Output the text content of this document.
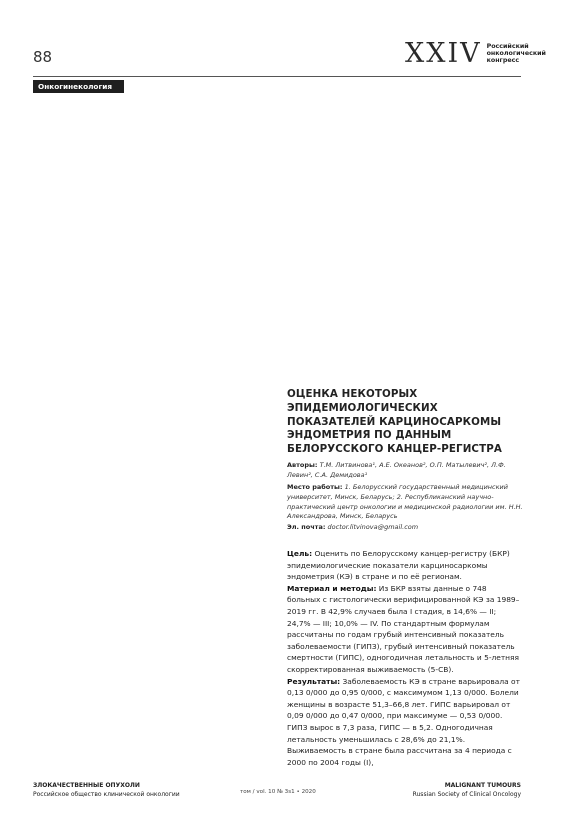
88	XXIV Российский
онкологический
конгресс
Онкогинекология
ОЦЕНКА НЕКОТОРЫХ ЭПИДЕМИОЛОГИЧЕСКИХ ПОКАЗАТЕЛЕЙ КАРЦИНОСАРКОМЫ ЭНДОМЕТРИЯ ПО ДАННЫМ БЕЛОРУССКОГО КАНЦЕР-РЕГИСТРА
Авторы: Т.М. Литвинова¹, А.Е. Океанов², О.П. Матылевич², Л.Ф. Левин², С.А. Демидова¹
Место работы: 1. Белорусский государственный медицинский университет, Минск, Беларусь; 2. Республиканский научно-практический центр онкологии и медицинской радиологии им. Н.Н. Александрова, Минск, Беларусь
Эл. почта: doctor.litvinova@gmail.com

Цель: Оценить по Белорусскому канцер-регистру (БКР) эпидемиологические показатели карциносаркомы эндометрия (КЭ) в стране и по её регионам.

Материал и методы: Из БКР взяты данные о 748 больных с гистологически верифицированной КЭ за 1989–2019 гг. В 42,9% случаев была I стадия, в 14,6% — II; 24,7% — III; 10,0% — IV. По стандартным формулам рассчитаны по годам грубый интенсивный показатель заболеваемости (ГИПЗ), грубый интенсивный показатель смертности (ГИПС), одногодичная летальность и 5-летняя скорректированная выживаемость (5-СВ).

Результаты: Заболеваемость КЭ в стране варьировала от 0,13 0/000 до 0,95 0/000, с максимумом 1,13 0/000. Болели женщины в возрасте 51,3–66,8 лет. ГИПС варьировал от 0,09 0/000 до 0,47 0/000, при максимуме — 0,53 0/000. ГИПЗ вырос в 7,3 раза, ГИПС — в 5,2. Одногодичная летальность уменьшилась с 28,6% до 21,1%. Выживаемость в стране была рассчитана за 4 периода с 2000 по 2004 годы (I),

ЗЛОКАЧЕСТВЕННЫЕ ОПУХОЛИ
Российское общество клинической онкологии	том / vol. 10 № 3s1 • 2020
MALIGNANT TUMOURS
Russian Society of Clinical Oncology
